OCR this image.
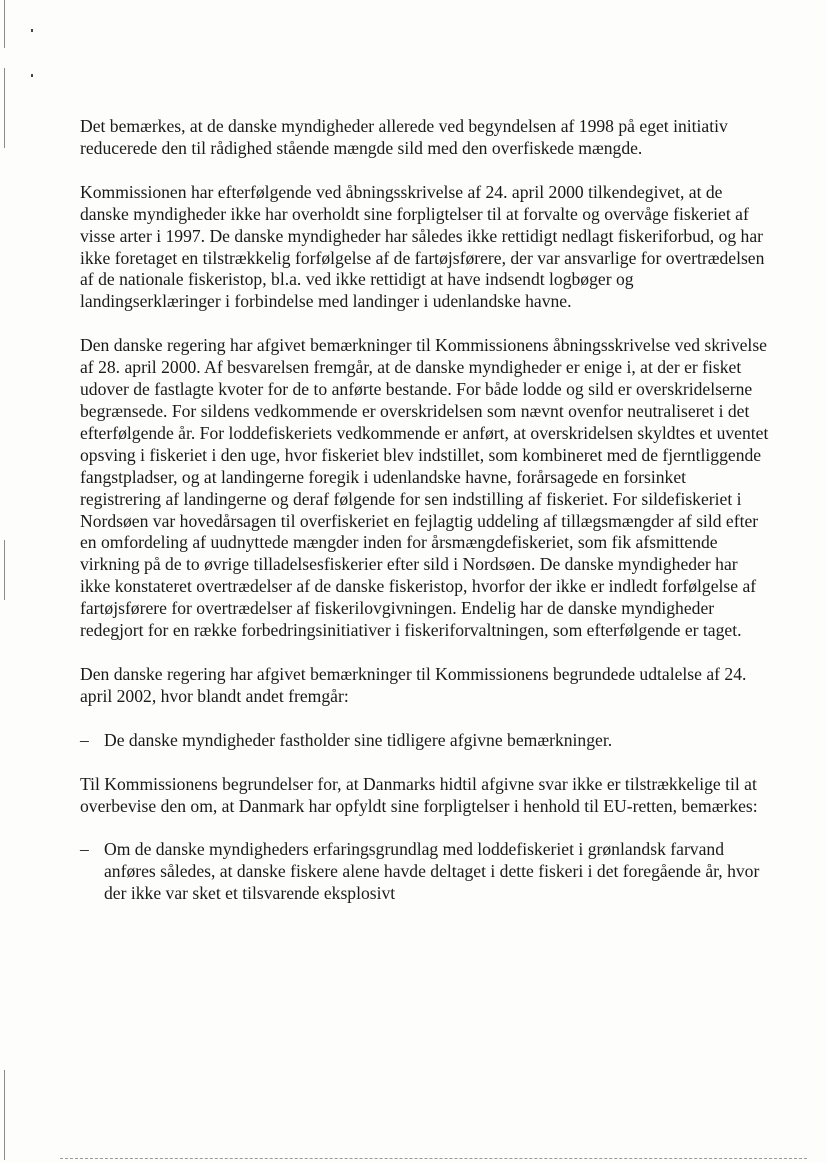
Det bemærkes, at de danske myndigheder allerede ved begyndelsen af 1998 på eget initiativ reducerede den til rådighed stående mængde sild med den overfiskede mængde.

Kommissionen har efterfølgende ved åbningsskrivelse af 24. april 2000 tilkendegivet, at de danske myndigheder ikke har overholdt sine forpligtelser til at forvalte og overvåge fiskeriet af visse arter i 1997. De danske myndigheder har således ikke rettidigt nedlagt fiskeriforbud, og har ikke foretaget en tilstrækkelig forfølgelse af de fartøjsførere, der var ansvarlige for overtrædelsen af de nationale fiskeristop, bl.a. ved ikke rettidigt at have indsendt logbøger og landingserklæringer i forbindelse med landinger i udenlandske havne.

Den danske regering har afgivet bemærkninger til Kommissionens åbningsskrivelse ved skrivelse af 28. april 2000. Af besvarelsen fremgår, at de danske myndigheder er enige i, at der er fisket udover de fastlagte kvoter for de to anførte bestande. For både lodde og sild er overskridelserne begrænsede. For sildens vedkommende er overskridelsen som nævnt ovenfor neutraliseret i det efterfølgende år. For loddefiskeriets vedkommende er anført, at overskridelsen skyldtes et uventet opsving i fiskeriet i den uge, hvor fiskeriet blev indstillet, som kombineret med de fjerntliggende fangstpladser, og at landingerne foregik i udenlandske havne, forårsagede en forsinket registrering af landingerne og deraf følgende for sen indstilling af fiskeriet. For sildefiskeriet i Nordsøen var hovedårsagen til overfiskeriet en fejlagtig uddeling af tillægsmængder af sild efter en omfordeling af uudnyttede mængder inden for årsmængdefiskeriet, som fik afsmittende virkning på de to øvrige tilladelsesfiskerier efter sild i Nordsøen. De danske myndigheder har ikke konstateret overtrædelser af de danske fiskeristop, hvorfor der ikke er indledt forfølgelse af fartøjsførere for overtrædelser af fiskerilovgivningen. Endelig har de danske myndigheder redegjort for en række forbedringsinitiativer i fiskeriforvaltningen, som efterfølgende er taget.

Den danske regering har afgivet bemærkninger til Kommissionens begrundede udtalelse af 24. april 2002, hvor blandt andet fremgår:

– De danske myndigheder fastholder sine tidligere afgivne bemærkninger.

Til Kommissionens begrundelser for, at Danmarks hidtil afgivne svar ikke er tilstrækkelige til at overbevise den om, at Danmark har opfyldt sine forpligtelser i henhold til EU-retten, bemærkes:

– Om de danske myndigheders erfaringsgrundlag med loddefiskeriet i grønlandsk farvand anføres således, at danske fiskere alene havde deltaget i dette fiskeri i det foregående år, hvor der ikke var sket et tilsvarende eksplosivt
